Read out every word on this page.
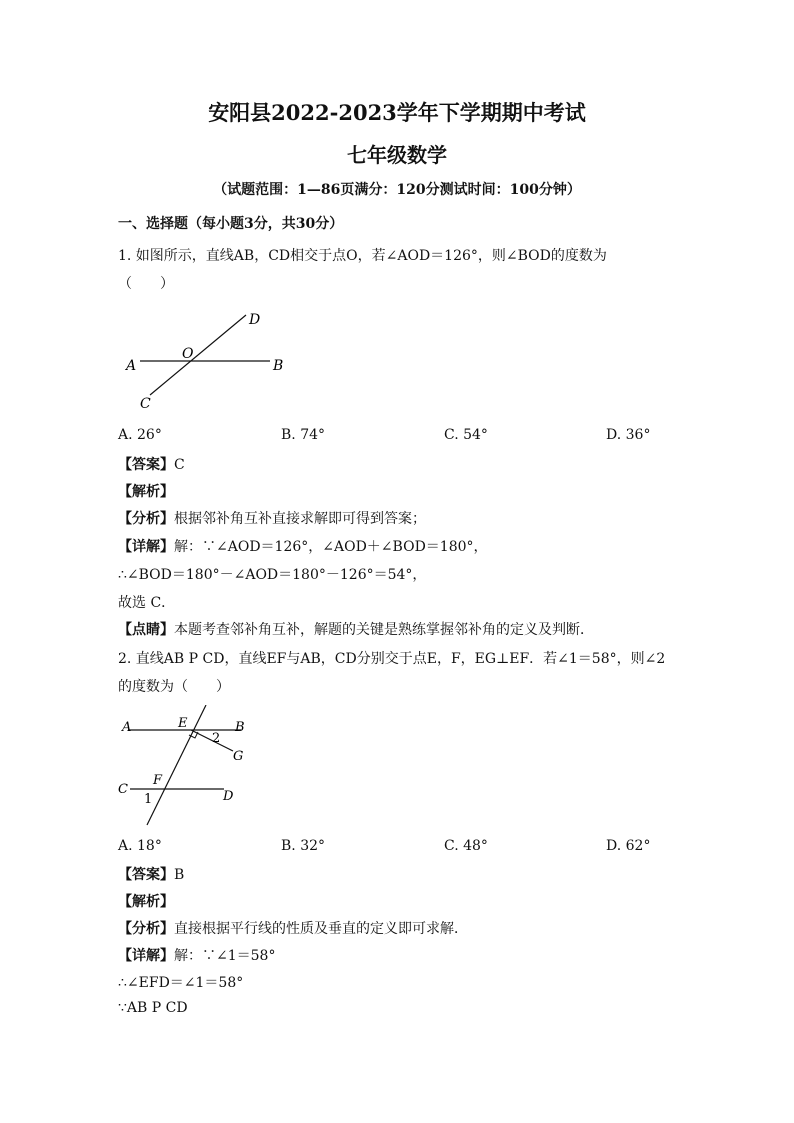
安阳县2022-2023学年下学期期中考试
七年级数学
（试题范围：1—86页满分：120分测试时间：100分钟）
一、选择题（每小题3分，共30分）
1. 如图所示，直线AB，CD相交于点O，若∠AOD＝126°，则∠BOD的度数为
（　　）
D
O
A	B
C
A. 26°	B. 74°	C. 54°	D. 36°
【答案】C
【解析】
【分析】根据邻补角互补直接求解即可得到答案；
【详解】解：∵∠AOD＝126°，∠AOD＋∠BOD＝180°，
∴∠BOD＝180°－∠AOD＝180°－126°＝54°，
故选 C．
【点睛】本题考查邻补角互补，解题的关键是熟练掌握邻补角的定义及判断．
2. 直线AB P CD，直线EF与AB，CD分别交于点E，F，EG⊥EF．若∠1＝58°，则∠2
的度数为（　　）
E
A	B
2
G
C
F
1	D
A. 18°	B. 32°	C. 48°	D. 62°
【答案】B
【解析】
【分析】直接根据平行线的性质及垂直的定义即可求解．
【详解】解：∵∠1＝58°
∴∠EFD＝∠1＝58°
∵AB P CD
